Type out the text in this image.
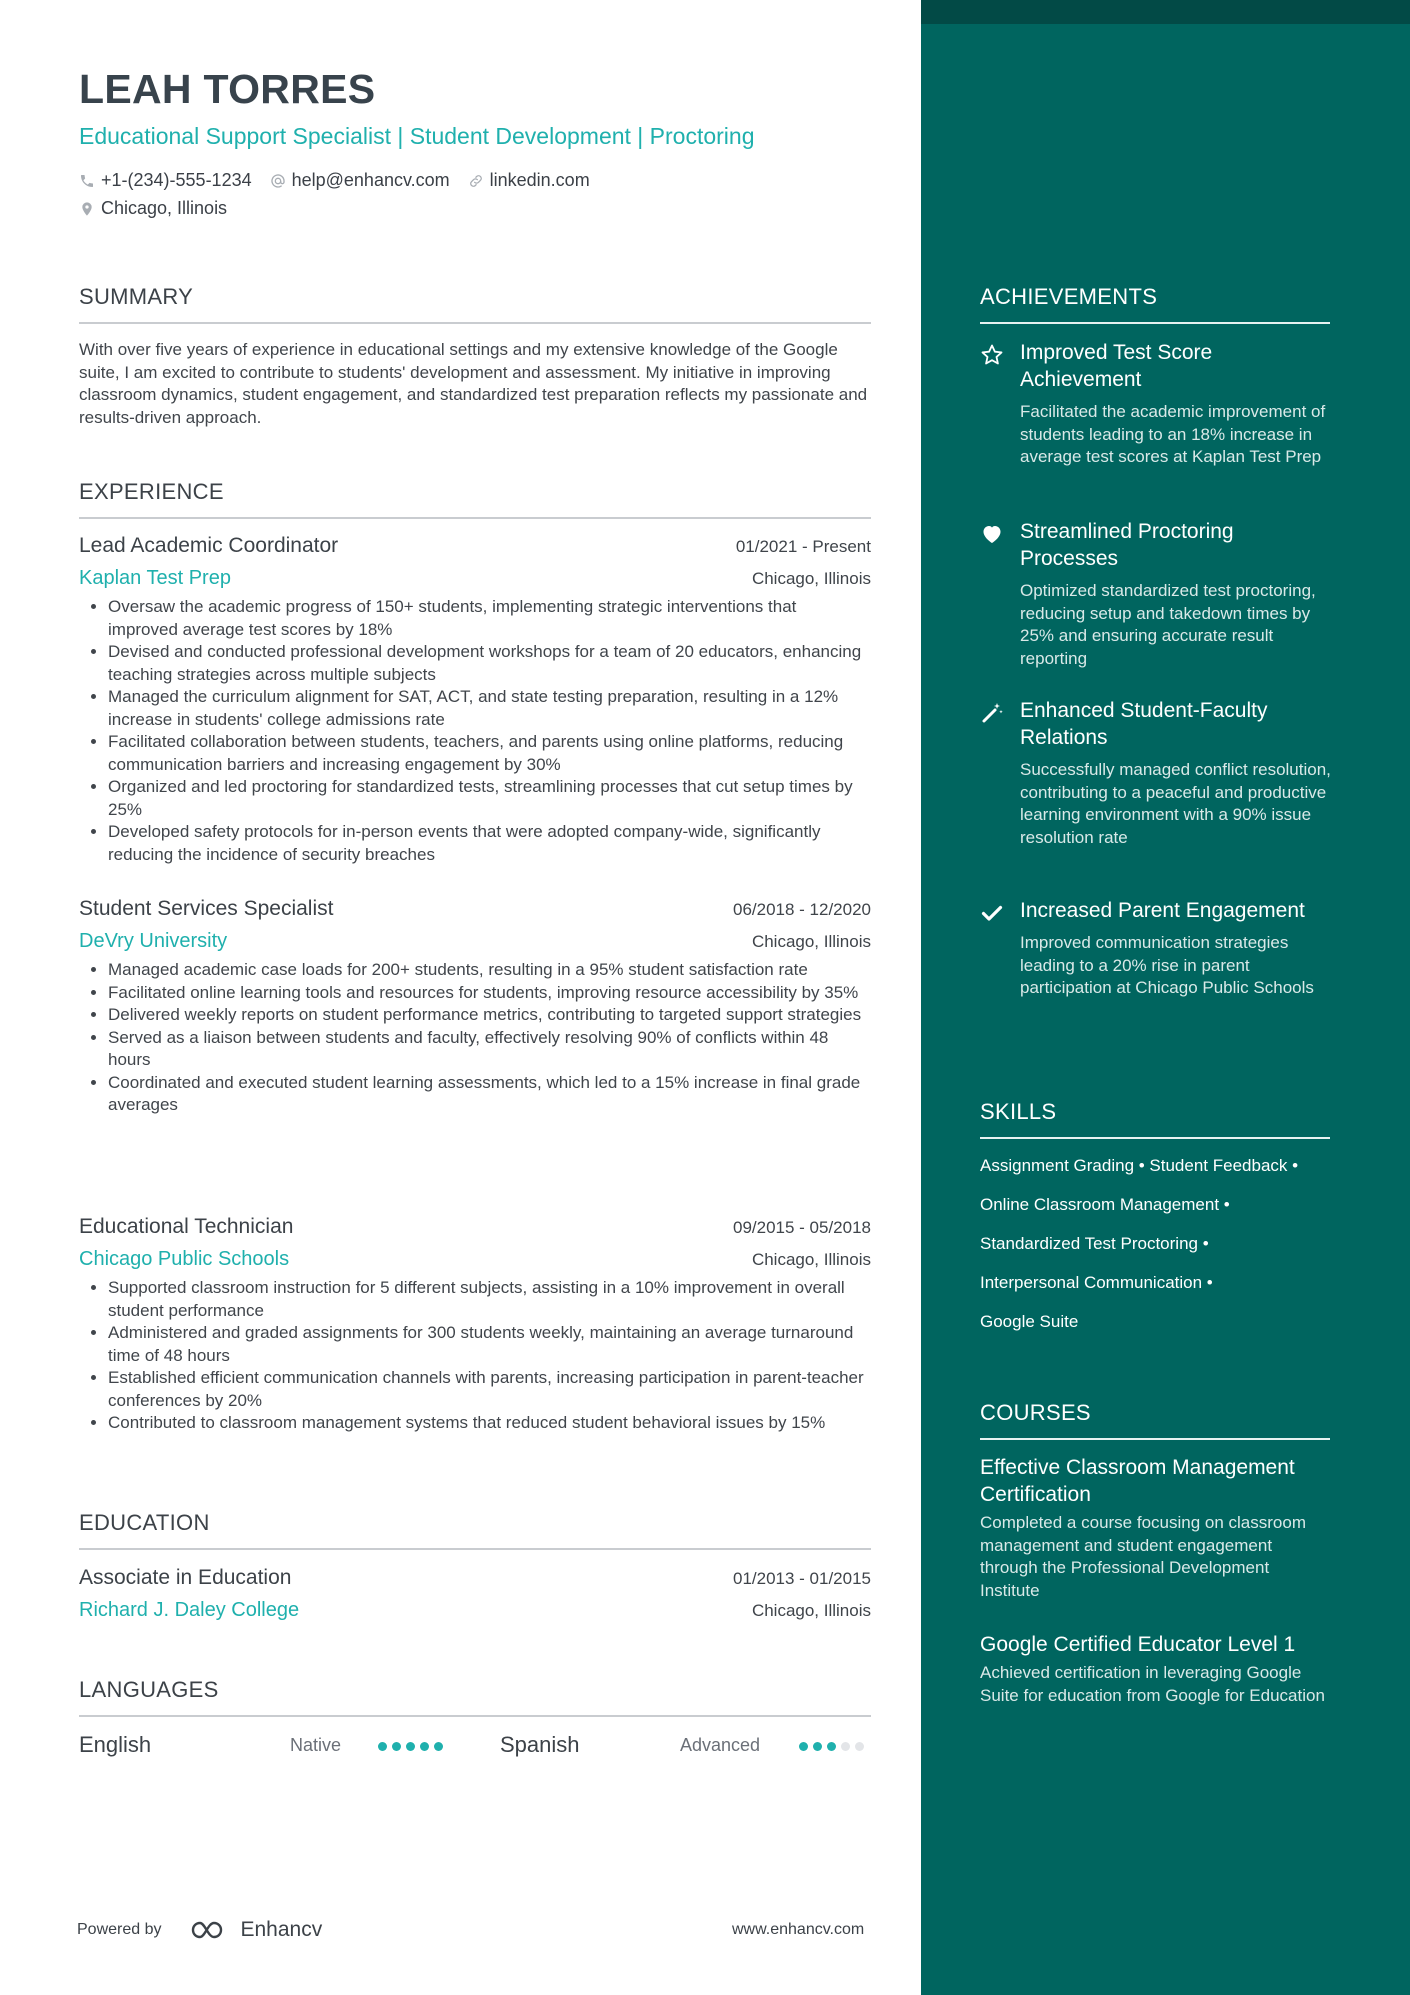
LEAH TORRES
Educational Support Specialist | Student Development | Proctoring
+1-(234)-555-1234 help@enhancv.com linkedin.com
Chicago, Illinois
SUMMARY
With over five years of experience in educational settings and my extensive knowledge of the Google suite, I am excited to contribute to students' development and assessment. My initiative in improving classroom dynamics, student engagement, and standardized test preparation reflects my passionate and results-driven approach.
EXPERIENCE
Lead Academic Coordinator	01/2021 - Present
Kaplan Test Prep	Chicago, Illinois
• Oversaw the academic progress of 150+ students, implementing strategic interventions that improved average test scores by 18%
• Devised and conducted professional development workshops for a team of 20 educators, enhancing teaching strategies across multiple subjects
• Managed the curriculum alignment for SAT, ACT, and state testing preparation, resulting in a 12% increase in students' college admissions rate
• Facilitated collaboration between students, teachers, and parents using online platforms, reducing communication barriers and increasing engagement by 30%
• Organized and led proctoring for standardized tests, streamlining processes that cut setup times by 25%
• Developed safety protocols for in-person events that were adopted company-wide, significantly reducing the incidence of security breaches
Student Services Specialist	06/2018 - 12/2020
DeVry University	Chicago, Illinois
• Managed academic case loads for 200+ students, resulting in a 95% student satisfaction rate
• Facilitated online learning tools and resources for students, improving resource accessibility by 35%
• Delivered weekly reports on student performance metrics, contributing to targeted support strategies
• Served as a liaison between students and faculty, effectively resolving 90% of conflicts within 48 hours
• Coordinated and executed student learning assessments, which led to a 15% increase in final grade averages
Educational Technician	09/2015 - 05/2018
Chicago Public Schools	Chicago, Illinois
• Supported classroom instruction for 5 different subjects, assisting in a 10% improvement in overall student performance
• Administered and graded assignments for 300 students weekly, maintaining an average turnaround time of 48 hours
• Established efficient communication channels with parents, increasing participation in parent-teacher conferences by 20%
• Contributed to classroom management systems that reduced student behavioral issues by 15%
EDUCATION
Associate in Education	01/2013 - 01/2015
Richard J. Daley College	Chicago, Illinois
LANGUAGES
English	Native	Spanish	Advanced
Powered by	Enhancv	www.enhancv.com
ACHIEVEMENTS
Improved Test Score Achievement
Facilitated the academic improvement of students leading to an 18% increase in average test scores at Kaplan Test Prep
Streamlined Proctoring Processes
Optimized standardized test proctoring, reducing setup and takedown times by 25% and ensuring accurate result reporting
Enhanced Student-Faculty Relations
Successfully managed conflict resolution, contributing to a peaceful and productive learning environment with a 90% issue resolution rate
Increased Parent Engagement
Improved communication strategies leading to a 20% rise in parent participation at Chicago Public Schools
SKILLS
Assignment Grading • Student Feedback •
Online Classroom Management •
Standardized Test Proctoring •
Interpersonal Communication •
Google Suite
COURSES
Effective Classroom Management Certification
Completed a course focusing on classroom management and student engagement through the Professional Development Institute
Google Certified Educator Level 1
Achieved certification in leveraging Google Suite for education from Google for Education
